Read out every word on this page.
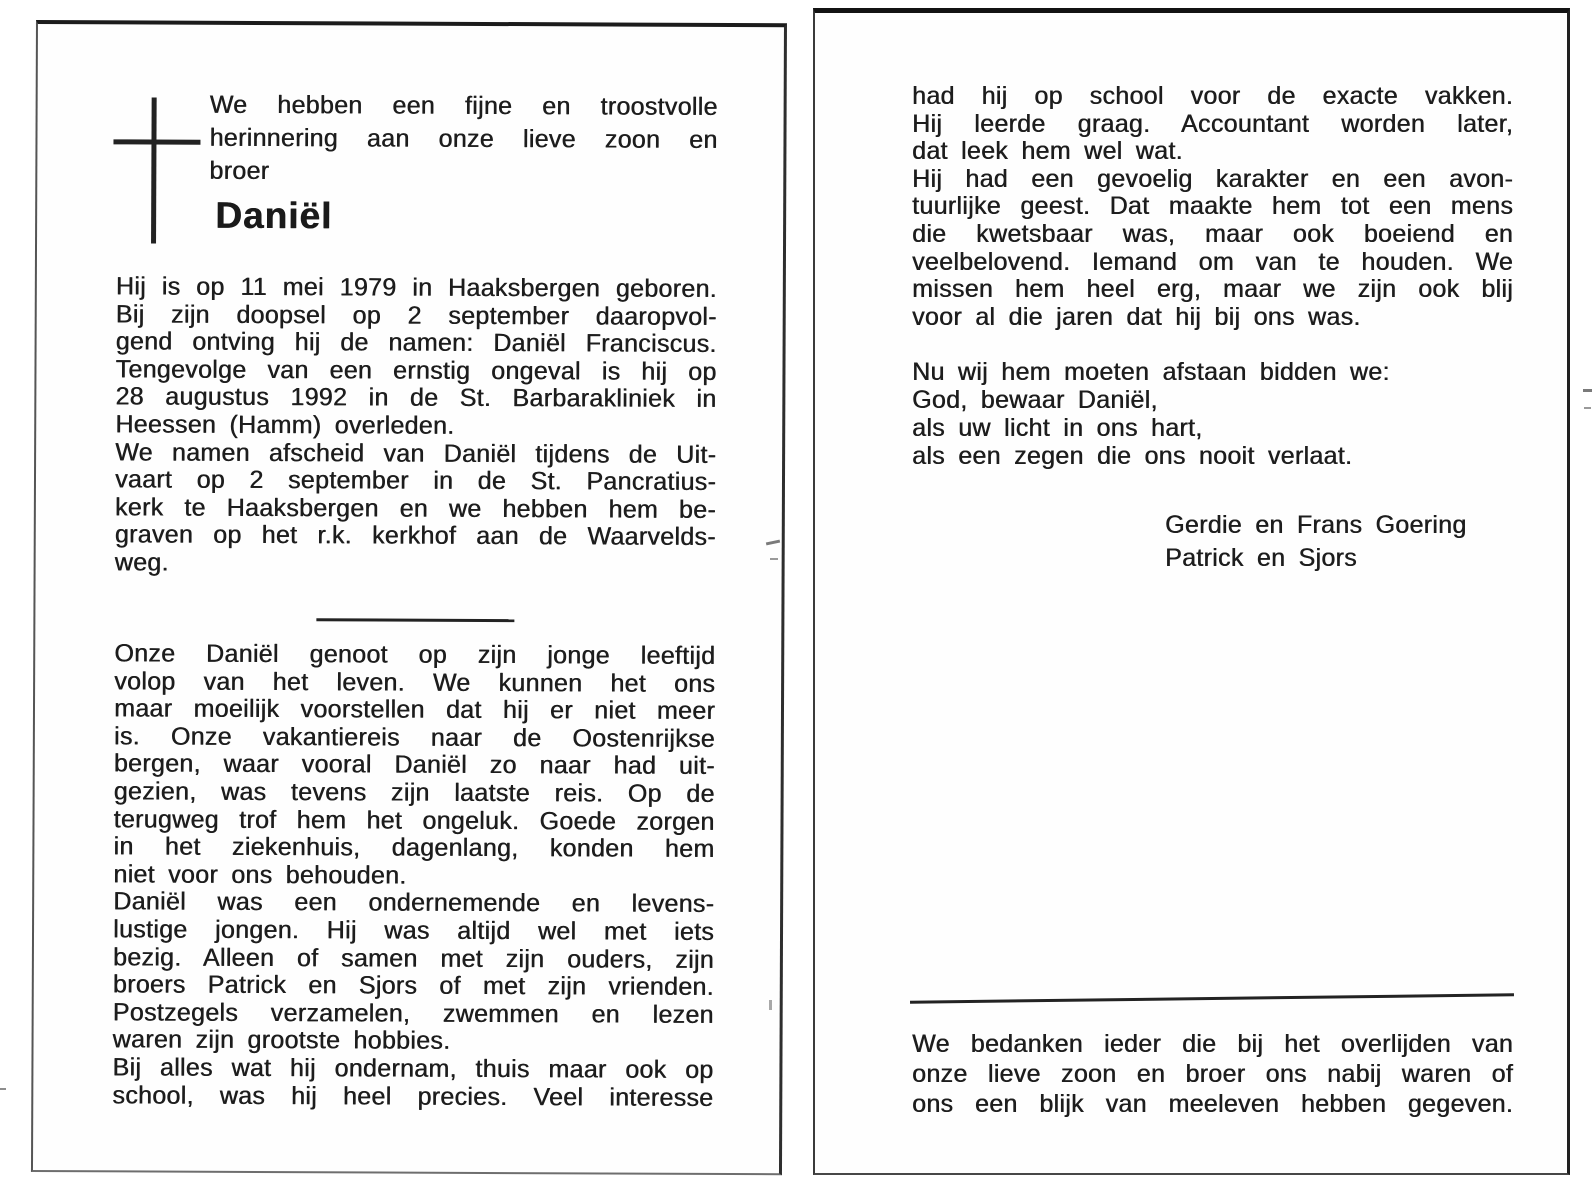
We hebben een fijne en troostvolle
herinnering aan onze lieve zoon en
broer
Daniël
Hij is op 11 mei 1979 in Haaksbergen geboren.
Bij zijn doopsel op 2 september daaropvol-
gend ontving hij de namen: Daniël Franciscus.
Tengevolge van een ernstig ongeval is hij op
28 augustus 1992 in de St. Barbarakliniek in
Heessen (Hamm) overleden.
We namen afscheid van Daniël tijdens de Uit-
vaart op 2 september in de St. Pancratius-
kerk te Haaksbergen en we hebben hem be-
graven op het r.k. kerkhof aan de Waarvelds-
weg.
Onze Daniël genoot op zijn jonge leeftijd
volop van het leven. We kunnen het ons
maar moeilijk voorstellen dat hij er niet meer
is. Onze vakantiereis naar de Oostenrijkse
bergen, waar vooral Daniël zo naar had uit-
gezien, was tevens zijn laatste reis. Op de
terugweg trof hem het ongeluk. Goede zorgen
in het ziekenhuis, dagenlang, konden hem
niet voor ons behouden.
Daniël was een ondernemende en levens-
lustige jongen. Hij was altijd wel met iets
bezig. Alleen of samen met zijn ouders, zijn
broers Patrick en Sjors of met zijn vrienden.
Postzegels verzamelen, zwemmen en lezen
waren zijn grootste hobbies.
Bij alles wat hij ondernam, thuis maar ook op
school, was hij heel precies. Veel interesse
had hij op school voor de exacte vakken.
Hij leerde graag. Accountant worden later,
dat leek hem wel wat.
Hij had een gevoelig karakter en een avon-
tuurlijke geest. Dat maakte hem tot een mens
die kwetsbaar was, maar ook boeiend en
veelbelovend. Iemand om van te houden. We
missen hem heel erg, maar we zijn ook blij
voor al die jaren dat hij bij ons was.
Nu wij hem moeten afstaan bidden we:
God, bewaar Daniël,
als uw licht in ons hart,
als een zegen die ons nooit verlaat.
Gerdie en Frans Goering
Patrick en Sjors
We bedanken ieder die bij het overlijden van
onze lieve zoon en broer ons nabij waren of
ons een blijk van meeleven hebben gegeven.
